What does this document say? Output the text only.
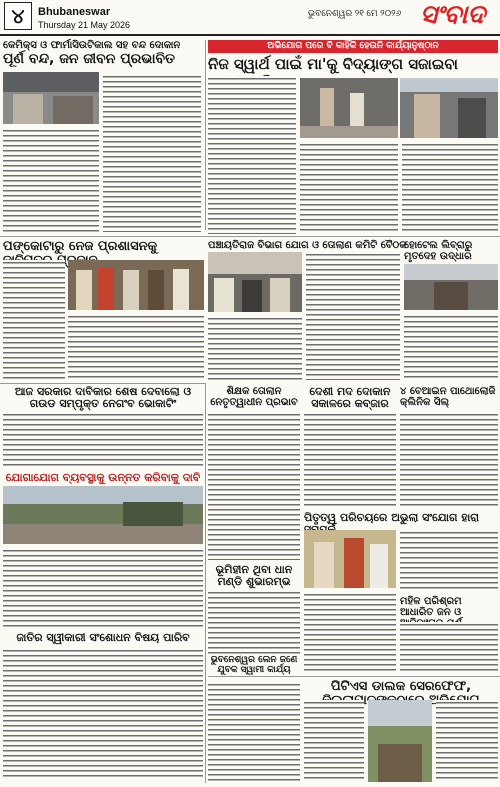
୪	Bhubaneswar
Thursday 21 May 2026
ଭୁବନେଶ୍ୱର ୨୧ ମେ ୨୦୨୬ ସଂବାଦ
କେମିକ୍ସ ଓ ଫାର୍ମାସିଉଟିକାଲ ସହ ବନ୍ଦ ଦୋକାନ
ପୂର୍ଣ ବନ୍ଦ, ଜନ ଜୀବନ ପ୍ରଭାବିତ
ଅଭିଯୋଗ ପରେ ବି କାହିଁକି ହେଉନି କାର୍ଯ୍ୟାନୁଷ୍ଠାନ
ନିଜ ସ୍ୱାର୍ଥ ପାଇଁ ମା'କୁ ବିଦ୍ୟାଙ୍ଗ ସଜାଇବା
ପଙ୍କୋଟାରୁ ନେଜ ପ୍ରଶାସନକୁ	ପଞ୍ଚାୟତିରାଜ ବିଭାଗ ଯୋଗ ଓ ତୋଲାଣ କମିଟି ବୈଠକ
ହୋଟେଲ ଲିବ୍ରାରୁ ମୃତଦେହ ଉଦ୍ଧାର
ଆଜ ସରକାର ଦାବିକାର ଶେଷ ଦେବାଲୋ ଓ ଗଉଡ ସମ୍ପୃକ୍ତ ନେଗଂବ ଭୋକାଟିଂ
ଯୋଗାଯୋଗ ବ୍ୟବସ୍ଥାକୁ ଉନ୍ନତ କରିବାକୁ ଦାବି
ଜାତିର ସ୍ୱୀକାରୀ ସଂଶୋଧନ ବିଷୟ ପାରିବ
ଶିକ୍ଷକ ତୋଲାନ ନେତୃତ୍ୱାଧୀନ ପ୍ରଭାବ
ଭୂମିହୀନ ଥିବା ଧାନ ମଣ୍ଡି ଶୁଭାରମ୍ଭ
ଭୁବନେଶ୍ୱର ଲେନ ଜଣେ ଯୁବକ ସ୍ୱାମୀ କାର୍ଯ୍ୟ
ଦେଶୀ ମଦ ଦୋକାନ ସକାଳରେ କବ୍ଜାର
ପିତୃତ୍ୱ ପରିଚୟରେ ଅଭୁଲା ସଂଯୋଗ ହାରା
୪ ବେଆଇନ ପାଥୋଲୋଜି କ୍ଲିନିକ ସିଲ୍
ମହିଳ ପରିଶ୍ରମ ଆଧାରିତ ଜନ ଓ
ପିଟିଏସ ଡାଲକ ସେରଫେଫ,
